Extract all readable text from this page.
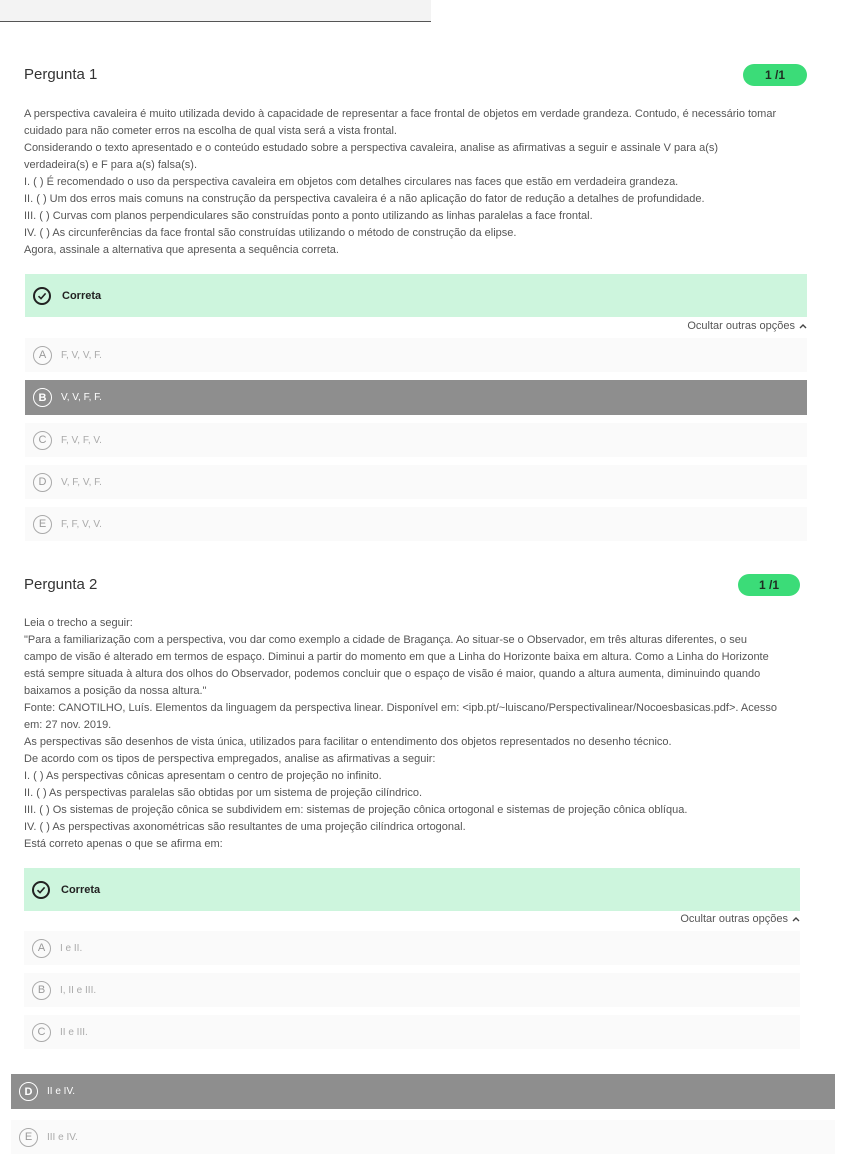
Pergunta 1	1 /1

A perspectiva cavaleira é muito utilizada devido à capacidade de representar a face frontal de objetos em verdade grandeza. Contudo, é necessário tomar

cuidado para não cometer erros na escolha de qual vista será a vista frontal.

Considerando o texto apresentado e o conteúdo estudado sobre a perspectiva cavaleira, analise as afirmativas a seguir e assinale V para a(s)

verdadeira(s) e F para a(s) falsa(s).

I. ( ) É recomendado o uso da perspectiva cavaleira em objetos com detalhes circulares nas faces que estão em verdadeira grandeza.

II. ( ) Um dos erros mais comuns na construção da perspectiva cavaleira é a não aplicação do fator de redução a detalhes de profundidade.

III. ( ) Curvas com planos perpendiculares são construídas ponto a ponto utilizando as linhas paralelas a face frontal.

IV. ( ) As circunferências da face frontal são construídas utilizando o método de construção da elipse.

Agora, assinale a alternativa que apresenta a sequência correta.

Correta
Ocultar outras opções
A	F, V, V, F.
B	V, V, F, F.
C	F, V, F, V.
D	V, F, V, F.
E	F, F, V, V.
Pergunta 2	1 /1

Leia o trecho a seguir:

"Para a familiarização com a perspectiva, vou dar como exemplo a cidade de Bragança. Ao situar-se o Observador, em três alturas diferentes, o seu

campo de visão é alterado em termos de espaço. Diminui a partir do momento em que a Linha do Horizonte baixa em altura. Como a Linha do Horizonte

está sempre situada à altura dos olhos do Observador, podemos concluir que o espaço de visão é maior, quando a altura aumenta, diminuindo quando

baixamos a posição da nossa altura."

Fonte: CANOTILHO, Luís. Elementos da linguagem da perspectiva linear. Disponível em: <ipb.pt/~luiscano/Perspectivalinear/Nocoesbasicas.pdf>. Acesso

em: 27 nov. 2019.

As perspectivas são desenhos de vista única, utilizados para facilitar o entendimento dos objetos representados no desenho técnico.

De acordo com os tipos de perspectiva empregados, analise as afirmativas a seguir:

I. ( ) As perspectivas cônicas apresentam o centro de projeção no infinito.

II. ( ) As perspectivas paralelas são obtidas por um sistema de projeção cilíndrico.

III. ( ) Os sistemas de projeção cônica se subdividem em: sistemas de projeção cônica ortogonal e sistemas de projeção cônica oblíqua.

IV. ( ) As perspectivas axonométricas são resultantes de uma projeção cilíndrica ortogonal.

Está correto apenas o que se afirma em:

Correta
Ocultar outras opções
A	I e II.
B	I, II e III.
C	II e III.
D	II e IV.
E	III e IV.
